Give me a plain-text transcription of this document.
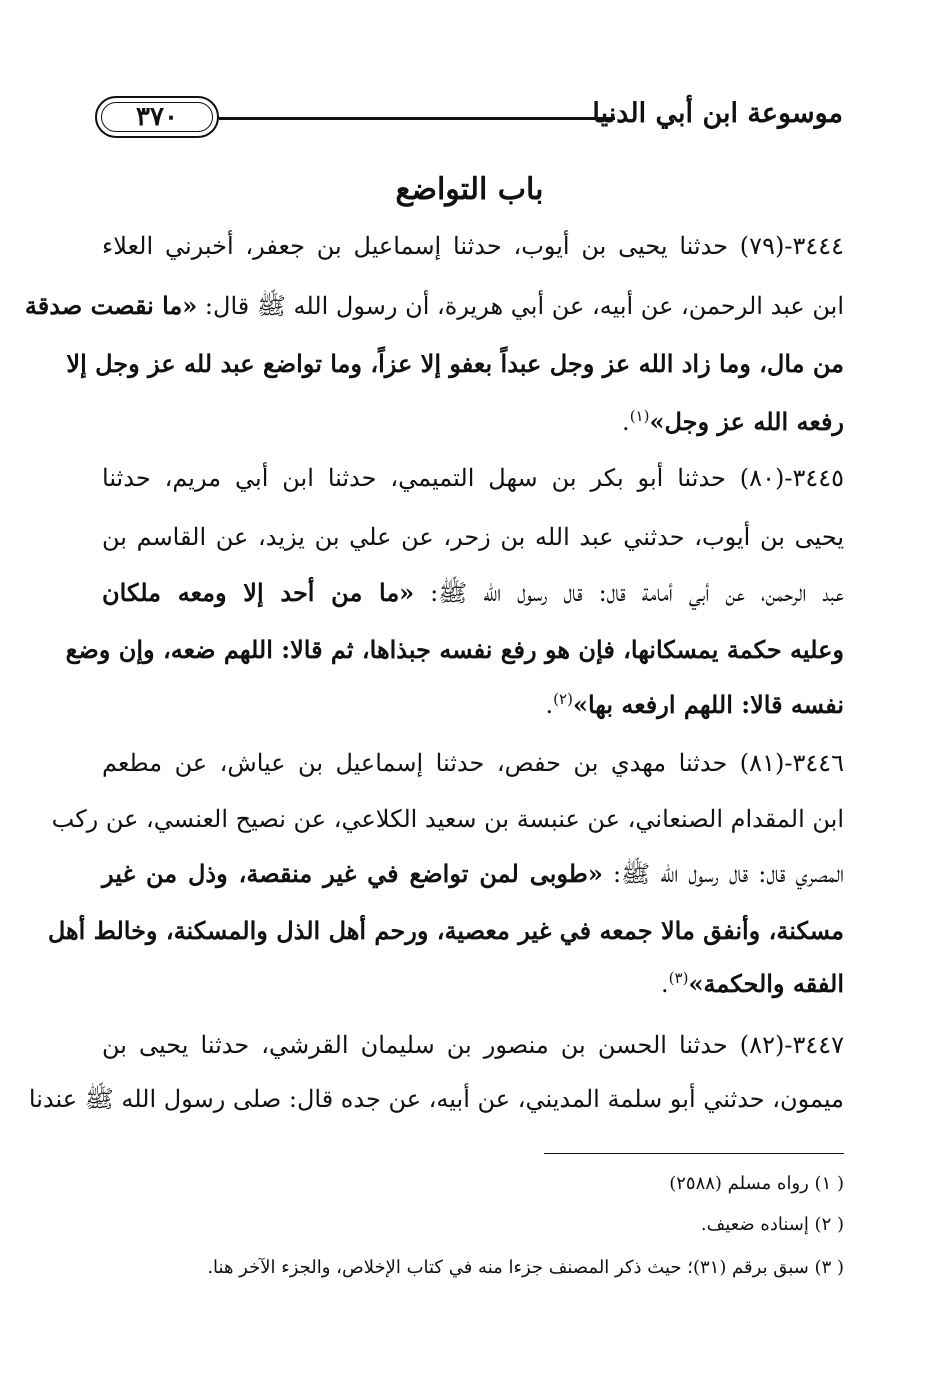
٣٧٠	موسوعة ابن أبي الدنيا
باب التواضع
٣٤٤٤-(٧٩) حدثنا يحيى بن أيوب، حدثنا إسماعيل بن جعفر، أخبرني العلاء
ابن عبد الرحمن، عن أبيه، عن أبي هريرة، أن رسول الله ﷺ قال: «ما نقصت صدقة
من مال، وما زاد الله عز وجل عبداً بعفو إلا عزاً، وما تواضع عبد لله عز وجل إلا
رفعه الله عز وجل»$^{(١)}$.
٣٤٤٥-(٨٠) حدثنا أبو بكر بن سهل التميمي، حدثنا ابن أبي مريم، حدثنا
يحيى بن أيوب، حدثني عبد الله بن زحر، عن علي بن يزيد، عن القاسم بن
عبد الرحمن، عن أبي أمامة قال: قال رسول الله ﷺ: «ما من أحد إلا ومعه ملكان
وعليه حكمة يمسكانها، فإن هو رفع نفسه جبذاها، ثم قالا: اللهم ضعه، وإن وضع
نفسه قالا: اللهم ارفعه بها»$^{(٢)}$.
٣٤٤٦-(٨١) حدثنا مهدي بن حفص، حدثنا إسماعيل بن عياش، عن مطعم
ابن المقدام الصنعاني، عن عنبسة بن سعيد الكلاعي، عن نصيح العنسي، عن ركب
المصري قال: قال رسول الله ﷺ: «طوبى لمن تواضع في غير منقصة، وذل من غير
مسكنة، وأنفق مالا جمعه في غير معصية، ورحم أهل الذل والمسكنة، وخالط أهل
الفقه والحكمة»$^{(٣)}$.
٣٤٤٧-(٨٢) حدثنا الحسن بن منصور بن سليمان القرشي، حدثنا يحيى بن
ميمون، حدثني أبو سلمة المديني، عن أبيه، عن جده قال: صلى رسول الله ﷺ عندنا
( ١) رواه مسلم (٢٥٨٨)
( ٢) إسناده ضعيف.
( ٣) سبق برقم (٣١)؛ حيث ذكر المصنف جزءا منه في كتاب الإخلاص، والجزء الآخر هنا.
